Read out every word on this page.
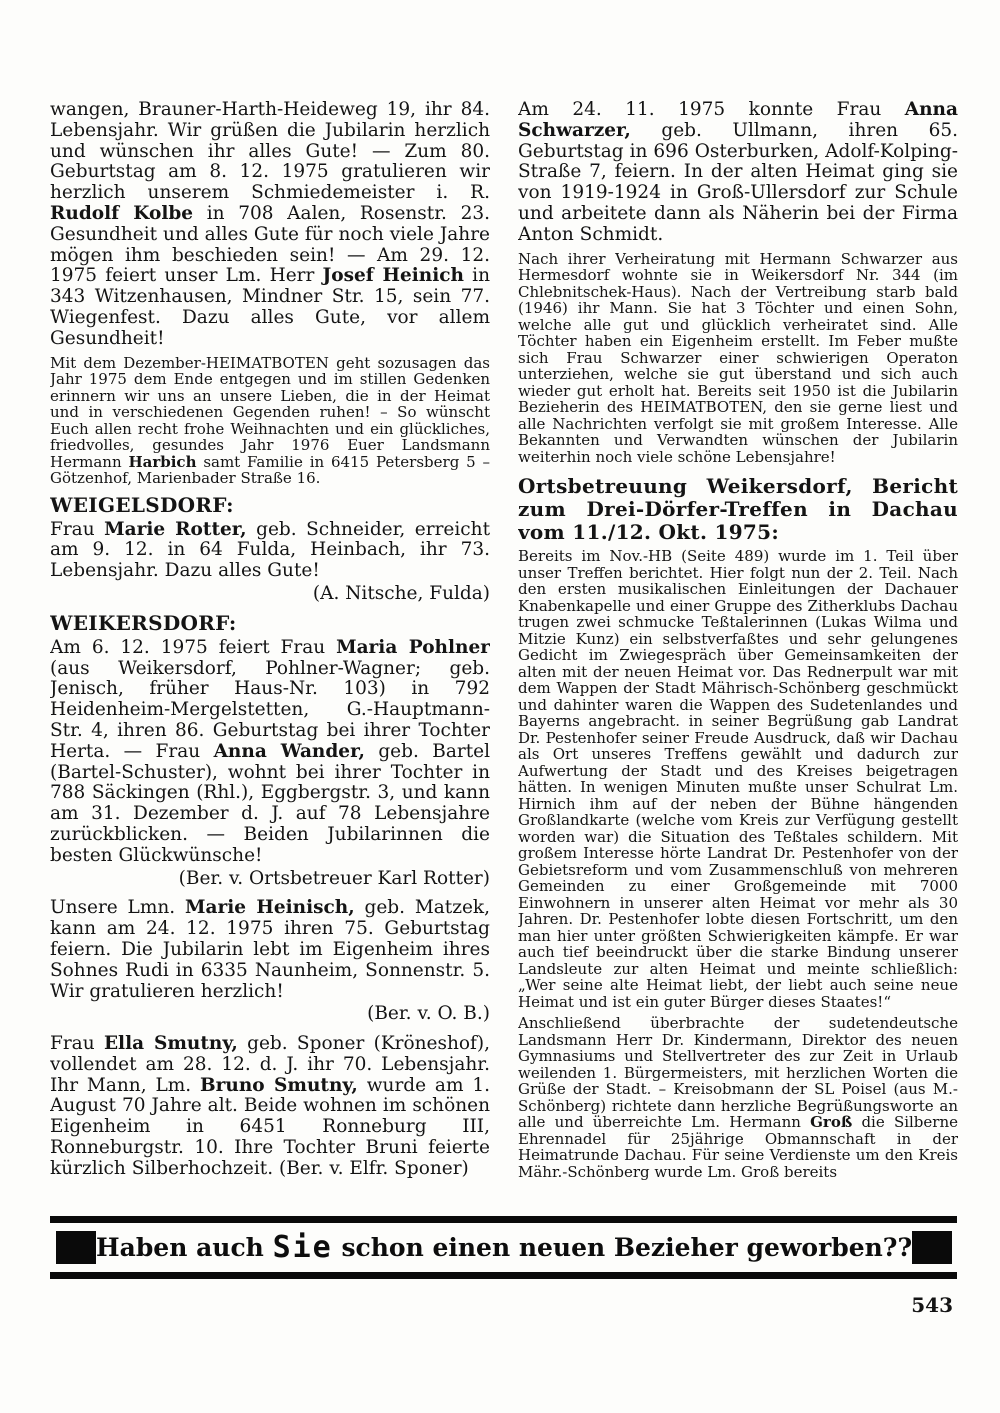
wangen, Brauner-Harth-Heideweg 19, ihr 84. Lebensjahr. Wir grüßen die Jubilarin herzlich und wünschen ihr alles Gute! — Zum 80. Geburtstag am 8. 12. 1975 gratulieren wir herzlich unserem Schmiedemeister i. R. Rudolf Kolbe in 708 Aalen, Rosenstr. 23. Gesundheit und alles Gute für noch viele Jahre mögen ihm beschieden sein! — Am 29. 12. 1975 feiert unser Lm. Herr Josef Heinich in 343 Witzenhausen, Mindner Str. 15, sein 77. Wiegenfest. Dazu alles Gute, vor allem Gesundheit!

Mit dem Dezember-HEIMATBOTEN geht sozusagen das Jahr 1975 dem Ende entgegen und im stillen Gedenken erinnern wir uns an unsere Lieben, die in der Heimat und in verschiedenen Gegenden ruhen! – So wünscht Euch allen recht frohe Weihnachten und ein glückliches, friedvolles, gesundes Jahr 1976 Euer Landsmann Hermann Harbich samt Familie in 6415 Petersberg 5 – Götzenhof, Marienbader Straße 16.

WEIGELSDORF:

Frau Marie Rotter, geb. Schneider, erreicht am 9. 12. in 64 Fulda, Heinbach, ihr 73. Lebensjahr. Dazu alles Gute!

(A. Nitsche, Fulda)
WEIKERSDORF:

Am 6. 12. 1975 feiert Frau Maria Pohlner (aus Weikersdorf, Pohlner-Wagner; geb. Jenisch, früher Haus-Nr. 103) in 792 Heidenheim-Mergelstetten, G.-Hauptmann-Str. 4, ihren 86. Geburtstag bei ihrer Tochter Herta. — Frau Anna Wander, geb. Bartel (Bartel-Schuster), wohnt bei ihrer Tochter in 788 Säckingen (Rhl.), Eggbergstr. 3, und kann am 31. Dezember d. J. auf 78 Lebensjahre zurückblicken. — Beiden Jubilarinnen die besten Glückwünsche!

(Ber. v. Ortsbetreuer Karl Rotter)

Unsere Lmn. Marie Heinisch, geb. Matzek, kann am 24. 12. 1975 ihren 75. Geburtstag feiern. Die Jubilarin lebt im Eigenheim ihres Sohnes Rudi in 6335 Naunheim, Sonnenstr. 5. Wir gratulieren herzlich!

(Ber. v. O. B.)

Frau Ella Smutny, geb. Sponer (Kröneshof), vollendet am 28. 12. d. J. ihr 70. Lebensjahr. Ihr Mann, Lm. Bruno Smutny, wurde am 1. August 70 Jahre alt. Beide wohnen im schönen Eigenheim in 6451 Ronneburg III, Ronneburgstr. 10. Ihre Tochter Bruni feierte kürzlich Silberhochzeit. (Ber. v. Elfr. Sponer)

Am 24. 11. 1975 konnte Frau Anna Schwarzer, geb. Ullmann, ihren 65. Geburtstag in 696 Osterburken, Adolf-Kolping-Straße 7, feiern. In der alten Heimat ging sie von 1919-1924 in Groß-Ullersdorf zur Schule und arbeitete dann als Näherin bei der Firma Anton Schmidt.

Nach ihrer Verheiratung mit Hermann Schwarzer aus Hermesdorf wohnte sie in Weikersdorf Nr. 344 (im Chlebnitschek-Haus). Nach der Vertreibung starb bald (1946) ihr Mann. Sie hat 3 Töchter und einen Sohn, welche alle gut und glücklich verheiratet sind. Alle Töchter haben ein Eigenheim erstellt. Im Feber mußte sich Frau Schwarzer einer schwierigen Operaton unterziehen, welche sie gut überstand und sich auch wieder gut erholt hat. Bereits seit 1950 ist die Jubilarin Bezieherin des HEIMATBOTEN, den sie gerne liest und alle Nachrichten verfolgt sie mit großem Interesse. Alle Bekannten und Verwandten wünschen der Jubilarin weiterhin noch viele schöne Lebensjahre!

Ortsbetreuung Weikersdorf, Bericht zum Drei-Dörfer-Treffen in Dachau vom 11./12. Okt. 1975:

Bereits im Nov.-HB (Seite 489) wurde im 1. Teil über unser Treffen berichtet. Hier folgt nun der 2. Teil. Nach den ersten musikalischen Einleitungen der Dachauer Knabenkapelle und einer Gruppe des Zitherklubs Dachau trugen zwei schmucke Teßtalerinnen (Lukas Wilma und Mitzie Kunz) ein selbstverfaßtes und sehr gelungenes Gedicht im Zwiegespräch über Gemeinsamkeiten der alten mit der neuen Heimat vor. Das Rednerpult war mit dem Wappen der Stadt Mährisch-Schönberg geschmückt und dahinter waren die Wappen des Sudetenlandes und Bayerns angebracht. in seiner Begrüßung gab Landrat Dr. Pestenhofer seiner Freude Ausdruck, daß wir Dachau als Ort unseres Treffens gewählt und dadurch zur Aufwertung der Stadt und des Kreises beigetragen hätten. In wenigen Minuten mußte unser Schulrat Lm. Hirnich ihm auf der neben der Bühne hängenden Großlandkarte (welche vom Kreis zur Verfügung gestellt worden war) die Situation des Teßtales schildern. Mit großem Interesse hörte Landrat Dr. Pestenhofer von der Gebietsreform und vom Zusammenschluß von mehreren Gemeinden zu einer Großgemeinde mit 7000 Einwohnern in unserer alten Heimat vor mehr als 30 Jahren. Dr. Pestenhofer lobte diesen Fortschritt, um den man hier unter größten Schwierigkeiten kämpfe. Er war auch tief beeindruckt über die starke Bindung unserer Landsleute zur alten Heimat und meinte schließlich: „Wer seine alte Heimat liebt, der liebt auch seine neue Heimat und ist ein guter Bürger dieses Staates!“

Anschließend überbrachte der sudetendeutsche Landsmann Herr Dr. Kindermann, Direktor des neuen Gymnasiums und Stellvertreter des zur Zeit in Urlaub weilenden 1. Bürgermeisters, mit herzlichen Worten die Grüße der Stadt. – Kreisobmann der SL Poisel (aus M.-Schönberg) richtete dann herzliche Begrüßungsworte an alle und überreichte Lm. Hermann Groß die Silberne Ehrennadel für 25jährige Obmannschaft in der Heimatrunde Dachau. Für seine Verdienste um den Kreis Mähr.-Schönberg wurde Lm. Groß bereits

Haben auch Sie schon einen neuen Bezieher geworben??
543
